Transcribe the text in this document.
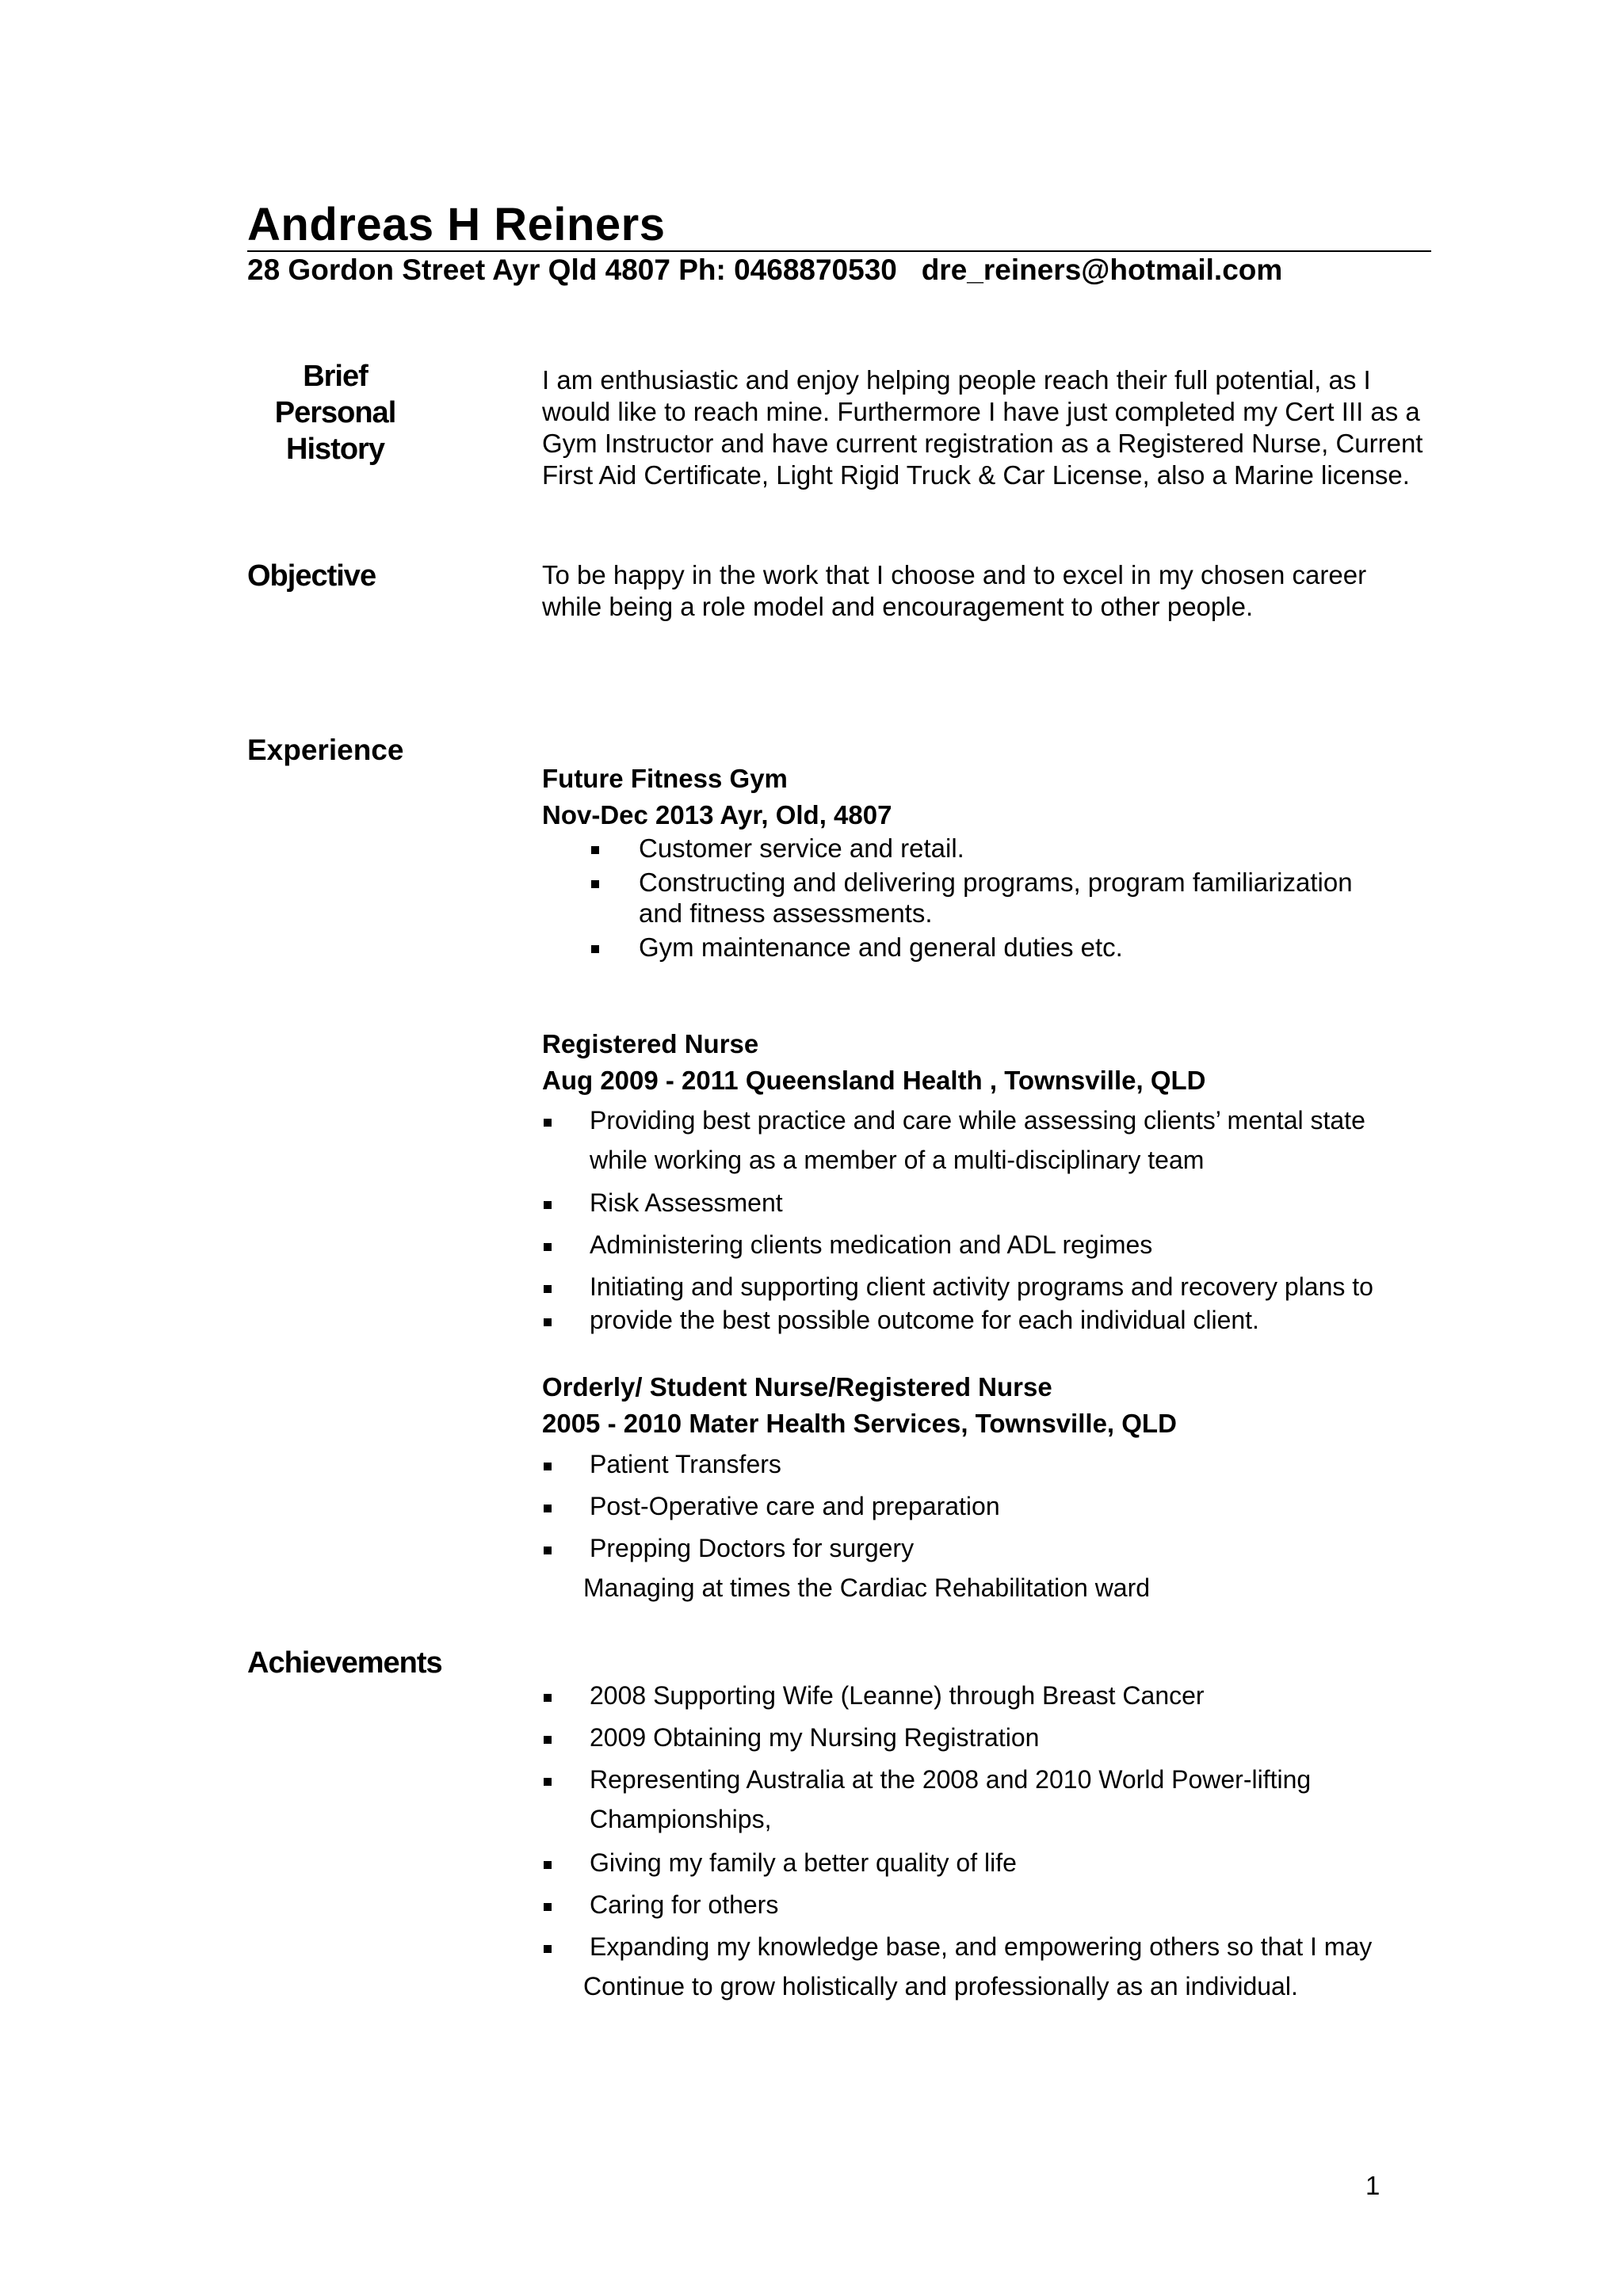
Andreas H Reiners
28 Gordon Street Ayr Qld 4807 Ph: 0468870530   dre_reiners@hotmail.com
Brief Personal
History
I am enthusiastic and enjoy helping people reach their full potential, as I would like to reach mine. Furthermore I have just completed my Cert III as a Gym Instructor and have current registration as a Registered Nurse, Current First Aid Certificate, Light Rigid Truck & Car License, also a Marine license.
Objective	To be happy in the work that I choose and to excel in my chosen career while being a role model and encouragement to other people.
Experience
Future Fitness Gym
Nov-Dec 2013 Ayr, Old, 4807
Customer service and retail.
Constructing and delivering programs, program familiarization
and fitness assessments.
Gym maintenance and general duties etc.
Registered Nurse
Aug 2009 - 2011 Queensland Health , Townsville, QLD
Providing best practice and care while assessing clients’ mental state
while working as a member of a multi-disciplinary team
Risk Assessment
Administering clients medication and ADL regimes
Initiating and supporting client activity programs and recovery plans to
provide the best possible outcome for each individual client.
Orderly/ Student Nurse/Registered Nurse
2005 - 2010 Mater Health Services, Townsville, QLD
Patient Transfers
Post-Operative care and preparation
Prepping Doctors for surgery
Managing at times the Cardiac Rehabilitation ward
Achievements
2008 Supporting Wife (Leanne) through Breast Cancer
2009 Obtaining my Nursing Registration
Representing Australia at the 2008 and 2010 World Power-lifting
Championships,
Giving my family a better quality of life
Caring for others
Expanding my knowledge base, and empowering others so that I may
Continue to grow holistically and professionally as an individual.
1
